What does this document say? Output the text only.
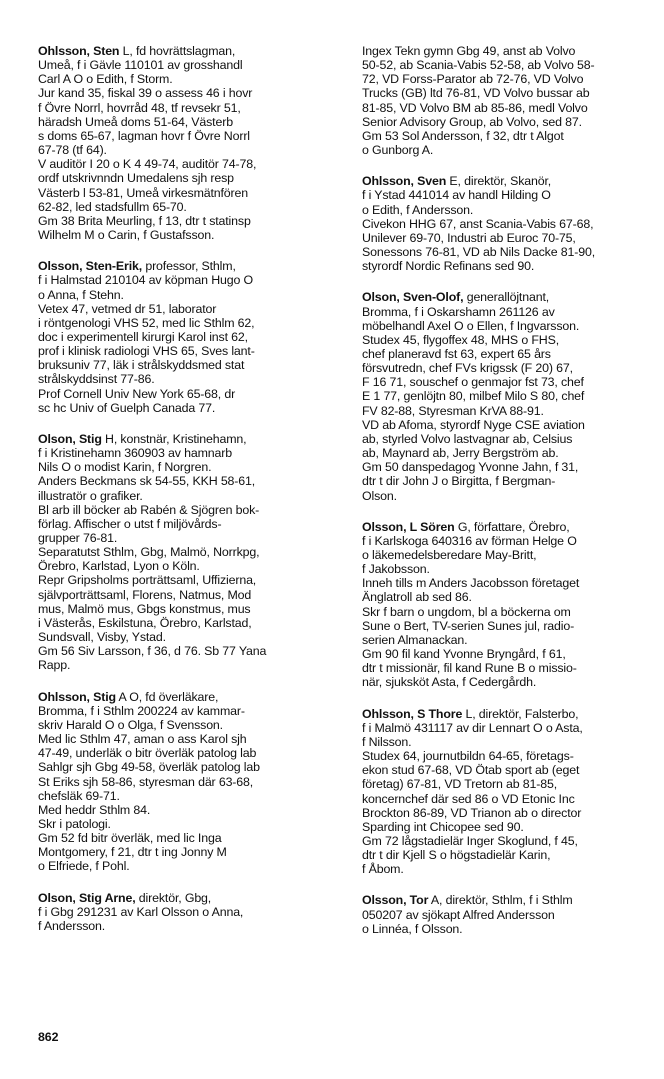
Ohlsson, Sten L, fd hovrättslagman,
Umeå, f i Gävle 110101 av grosshandl
Carl A O o Edith, f Storm.
Jur kand 35, fiskal 39 o assess 46 i hovr
f Övre Norrl, hovrråd 48, tf revsekr 51,
häradsh Umeå doms 51-64, Västerb
s doms 65-67, lagman hovr f Övre Norrl
67-78 (tf 64).
V auditör I 20 o K 4 49-74, auditör 74-78,
ordf utskrivnndn Umedalens sjh resp
Västerb l 53-81, Umeå virkesmätnfören
62-82, led stadsfullm 65-70.
Gm 38 Brita Meurling, f 13, dtr t statinsp
Wilhelm M o Carin, f Gustafsson.
Olsson, Sten-Erik, professor, Sthlm,
f i Halmstad 210104 av köpman Hugo O
o Anna, f Stehn.
Vetex 47, vetmed dr 51, laborator
i röntgenologi VHS 52, med lic Sthlm 62,
doc i experimentell kirurgi Karol inst 62,
prof i klinisk radiologi VHS 65, Sves lant-
bruksuniv 77, läk i strålskyddsmed stat
strålskyddsinst 77-86.
Prof Cornell Univ New York 65-68, dr
sc hc Univ of Guelph Canada 77.
Olson, Stig H, konstnär, Kristinehamn,
f i Kristinehamn 360903 av hamnarb
Nils O o modist Karin, f Norgren.
Anders Beckmans sk 54-55, KKH 58-61,
illustratör o grafiker.
Bl arb ill böcker ab Rabén & Sjögren bok-
förlag. Affischer o utst f miljövårds-
grupper 76-81.
Separatutst Sthlm, Gbg, Malmö, Norrkpg,
Örebro, Karlstad, Lyon o Köln.
Repr Gripsholms porträttsaml, Uffizierna,
självporträttsaml, Florens, Natmus, Mod
mus, Malmö mus, Gbgs konstmus, mus
i Västerås, Eskilstuna, Örebro, Karlstad,
Sundsvall, Visby, Ystad.
Gm 56 Siv Larsson, f 36, d 76. Sb 77 Yana
Rapp.
Ohlsson, Stig A O, fd överläkare,
Bromma, f i Sthlm 200224 av kammar-
skriv Harald O o Olga, f Svensson.
Med lic Sthlm 47, aman o ass Karol sjh
47-49, underläk o bitr överläk patolog lab
Sahlgr sjh Gbg 49-58, överläk patolog lab
St Eriks sjh 58-86, styresman där 63-68,
chefsläk 69-71.
Med heddr Sthlm 84.
Skr i patologi.
Gm 52 fd bitr överläk, med lic Inga
Montgomery, f 21, dtr t ing Jonny M
o Elfriede, f Pohl.
Olson, Stig Arne, direktör, Gbg,
f i Gbg 291231 av Karl Olsson o Anna,
f Andersson.
Ingex Tekn gymn Gbg 49, anst ab Volvo
50-52, ab Scania-Vabis 52-58, ab Volvo 58-
72, VD Forss-Parator ab 72-76, VD Volvo
Trucks (GB) ltd 76-81, VD Volvo bussar ab
81-85, VD Volvo BM ab 85-86, medl Volvo
Senior Advisory Group, ab Volvo, sed 87.
Gm 53 Sol Andersson, f 32, dtr t Algot
o Gunborg A.
Ohlsson, Sven E, direktör, Skanör,
f i Ystad 441014 av handl Hilding O
o Edith, f Andersson.
Civekon HHG 67, anst Scania-Vabis 67-68,
Unilever 69-70, Industri ab Euroc 70-75,
Sonessons 76-81, VD ab Nils Dacke 81-90,
styrordf Nordic Refinans sed 90.
Olson, Sven-Olof, generallöjtnant,
Bromma, f i Oskarshamn 261126 av
möbelhandl Axel O o Ellen, f Ingvarsson.
Studex 45, flygoffex 48, MHS o FHS,
chef planeravd fst 63, expert 65 års
försvutredn, chef FVs krigssk (F 20) 67,
F 16 71, souschef o genmajor fst 73, chef
E 1 77, genlöjtn 80, milbef Milo S 80, chef
FV 82-88, Styresman KrVA 88-91.
VD ab Afoma, styrordf Nyge CSE aviation
ab, styrled Volvo lastvagnar ab, Celsius
ab, Maynard ab, Jerry Bergström ab.
Gm 50 danspedagog Yvonne Jahn, f 31,
dtr t dir John J o Birgitta, f Bergman-
Olson.
Olsson, L Sören G, författare, Örebro,
f i Karlskoga 640316 av förman Helge O
o läkemedelsberedare May-Britt,
f Jakobsson.
Inneh tills m Anders Jacobsson företaget
Änglatroll ab sed 86.
Skr f barn o ungdom, bl a böckerna om
Sune o Bert, TV-serien Sunes jul, radio-
serien Almanackan.
Gm 90 fil kand Yvonne Bryngård, f 61,
dtr t missionär, fil kand Rune B o missio-
när, sjuksköt Asta, f Cedergårdh.
Ohlsson, S Thore L, direktör, Falsterbo,
f i Malmö 431117 av dir Lennart O o Asta,
f Nilsson.
Studex 64, journutbildn 64-65, företags-
ekon stud 67-68, VD Ötab sport ab (eget
företag) 67-81, VD Tretorn ab 81-85,
koncernchef där sed 86 o VD Etonic Inc
Brockton 86-89, VD Trianon ab o director
Sparding int Chicopee sed 90.
Gm 72 lågstadielär Inger Skoglund, f 45,
dtr t dir Kjell S o högstadielär Karin,
f Åbom.
Olsson, Tor A, direktör, Sthlm, f i Sthlm
050207 av sjökapt Alfred Andersson
o Linnéa, f Olsson.
862
